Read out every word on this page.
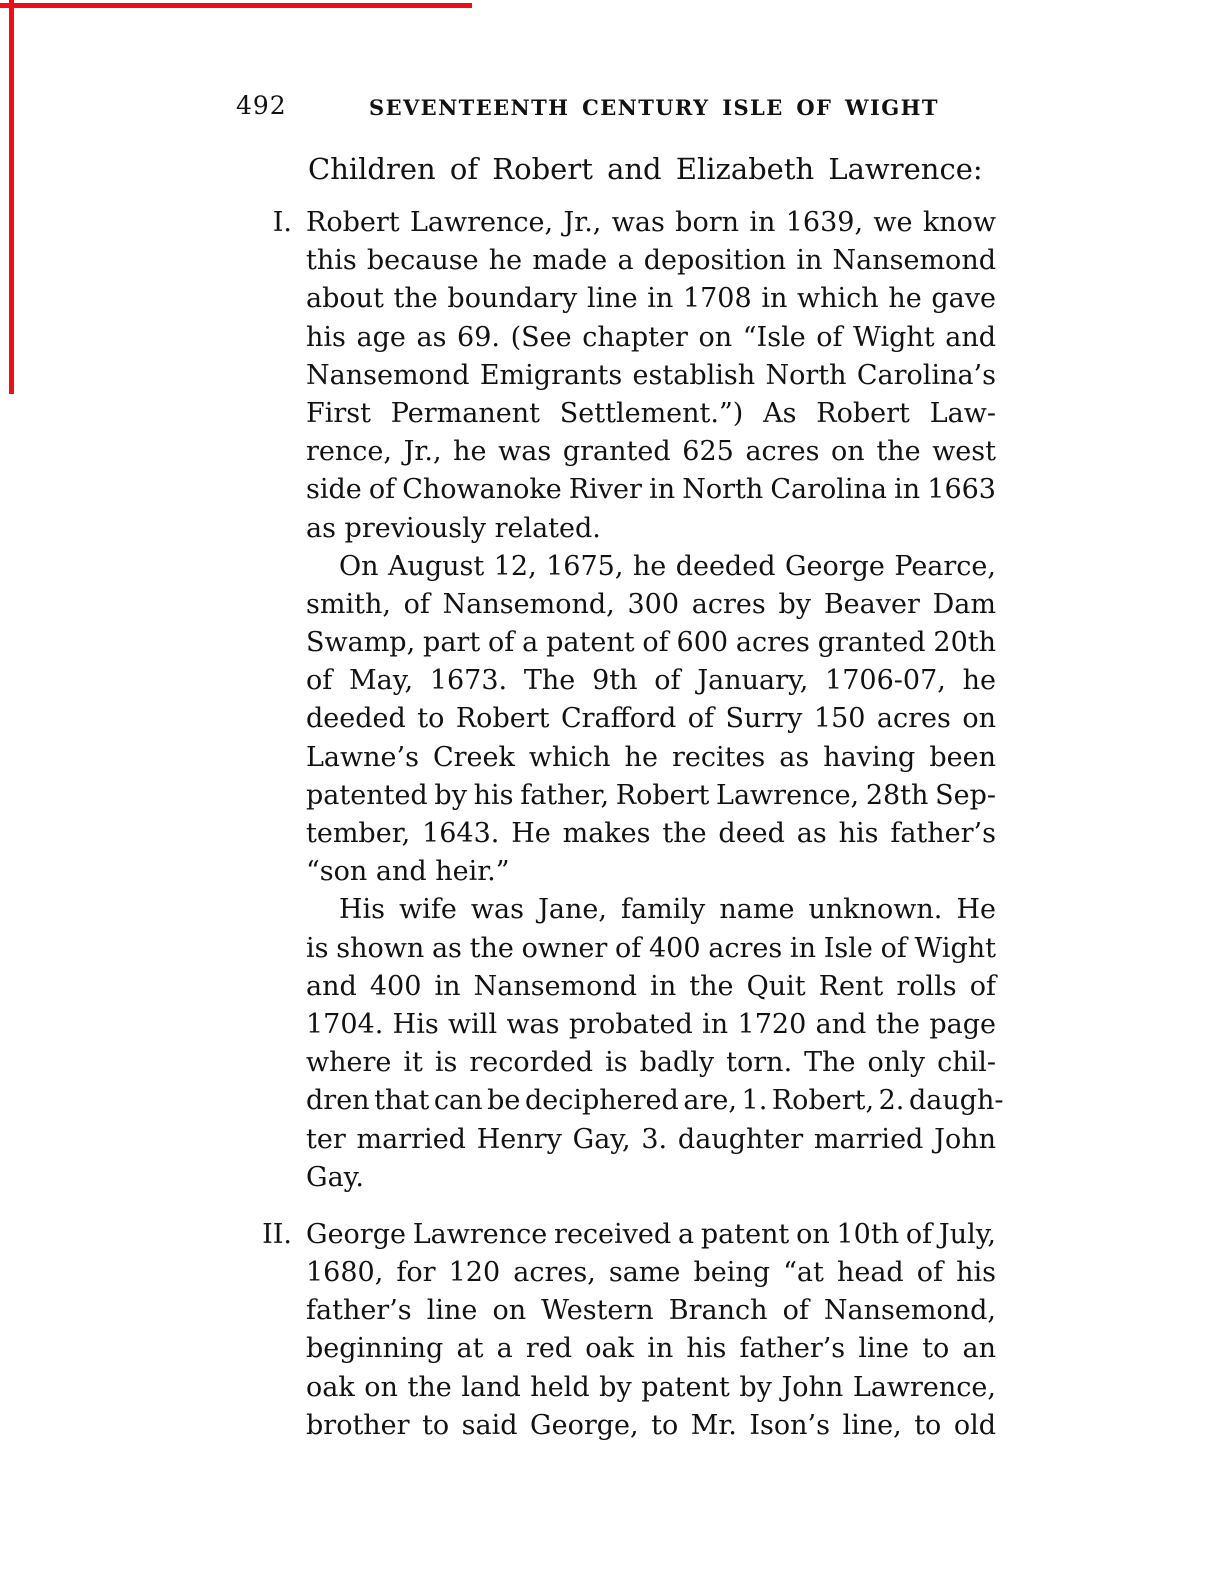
492	SEVENTEENTH CENTURY ISLE OF WIGHT
Children of Robert and Elizabeth Lawrence:
I. Robert Lawrence, Jr., was born in 1639, we know
this because he made a deposition in Nansemond
about the boundary line in 1708 in which he gave
his age as 69. (See chapter on “Isle of Wight and
Nansemond Emigrants establish North Carolina’s
First Permanent Settlement.”) As Robert Law-
rence, Jr., he was granted 625 acres on the west
side of Chowanoke River in North Carolina in 1663
as previously related.
On August 12, 1675, he deeded George Pearce,
smith, of Nansemond, 300 acres by Beaver Dam
Swamp, part of a patent of 600 acres granted 20th
of May, 1673. The 9th of January, 1706-07, he
deeded to Robert Crafford of Surry 150 acres on
Lawne’s Creek which he recites as having been
patented by his father, Robert Lawrence, 28th Sep-
tember, 1643. He makes the deed as his father’s
“son and heir.”
His wife was Jane, family name unknown. He
is shown as the owner of 400 acres in Isle of Wight
and 400 in Nansemond in the Quit Rent rolls of
1704. His will was probated in 1720 and the page
where it is recorded is badly torn. The only chil-
dren that can be deciphered are, 1. Robert, 2. daugh-
ter married Henry Gay, 3. daughter married John
Gay.
II. George Lawrence received a patent on 10th of July,
1680, for 120 acres, same being “at head of his
father’s line on Western Branch of Nansemond,
beginning at a red oak in his father’s line to an
oak on the land held by patent by John Lawrence,
brother to said George, to Mr. Ison’s line, to old
